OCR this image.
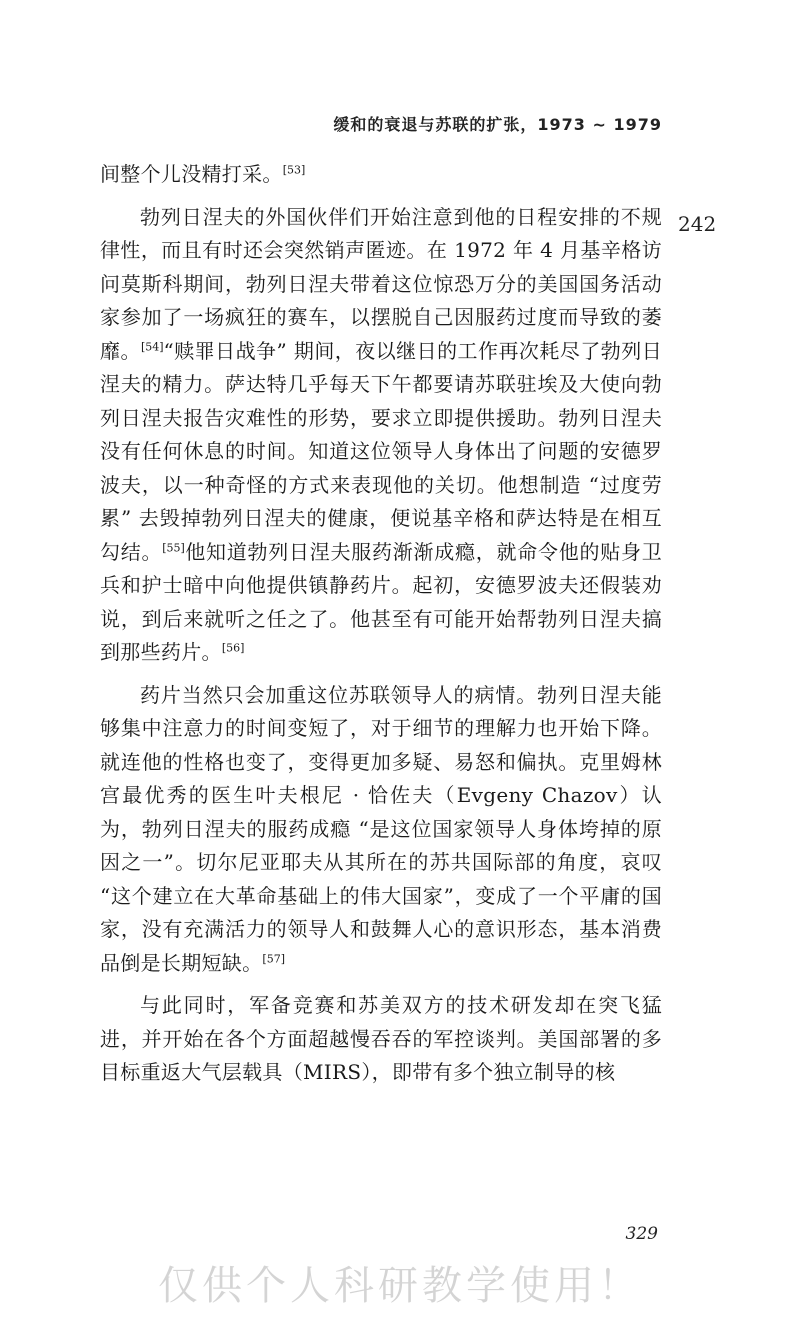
缓和的衰退与苏联的扩张，1973 ~ 1979
242

间整个儿没精打采。[53]

勃列日涅夫的外国伙伴们开始注意到他的日程安排的不规律性，而且有时还会突然销声匿迹。在 1972 年 4 月基辛格访问莫斯科期间，勃列日涅夫带着这位惊恐万分的美国国务活动家参加了一场疯狂的赛车，以摆脱自己因服药过度而导致的萎靡。[54]“赎罪日战争” 期间，夜以继日的工作再次耗尽了勃列日涅夫的精力。萨达特几乎每天下午都要请苏联驻埃及大使向勃列日涅夫报告灾难性的形势，要求立即提供援助。勃列日涅夫没有任何休息的时间。知道这位领导人身体出了问题的安德罗波夫，以一种奇怪的方式来表现他的关切。他想制造 “过度劳累” 去毁掉勃列日涅夫的健康，便说基辛格和萨达特是在相互勾结。[55]他知道勃列日涅夫服药渐渐成瘾，就命令他的贴身卫兵和护士暗中向他提供镇静药片。起初，安德罗波夫还假装劝说，到后来就听之任之了。他甚至有可能开始帮勃列日涅夫搞到那些药片。[56]

药片当然只会加重这位苏联领导人的病情。勃列日涅夫能够集中注意力的时间变短了，对于细节的理解力也开始下降。就连他的性格也变了，变得更加多疑、易怒和偏执。克里姆林宫最优秀的医生叶夫根尼 · 恰佐夫（Evgeny Chazov）认为，勃列日涅夫的服药成瘾 “是这位国家领导人身体垮掉的原因之一”。切尔尼亚耶夫从其所在的苏共国际部的角度，哀叹 “这个建立在大革命基础上的伟大国家”，变成了一个平庸的国家，没有充满活力的领导人和鼓舞人心的意识形态，基本消费品倒是长期短缺。[57]

与此同时，军备竞赛和苏美双方的技术研发却在突飞猛进，并开始在各个方面超越慢吞吞的军控谈判。美国部署的多目标重返大气层载具（MIRS），即带有多个独立制导的核

329
仅供个人科研教学使用！
